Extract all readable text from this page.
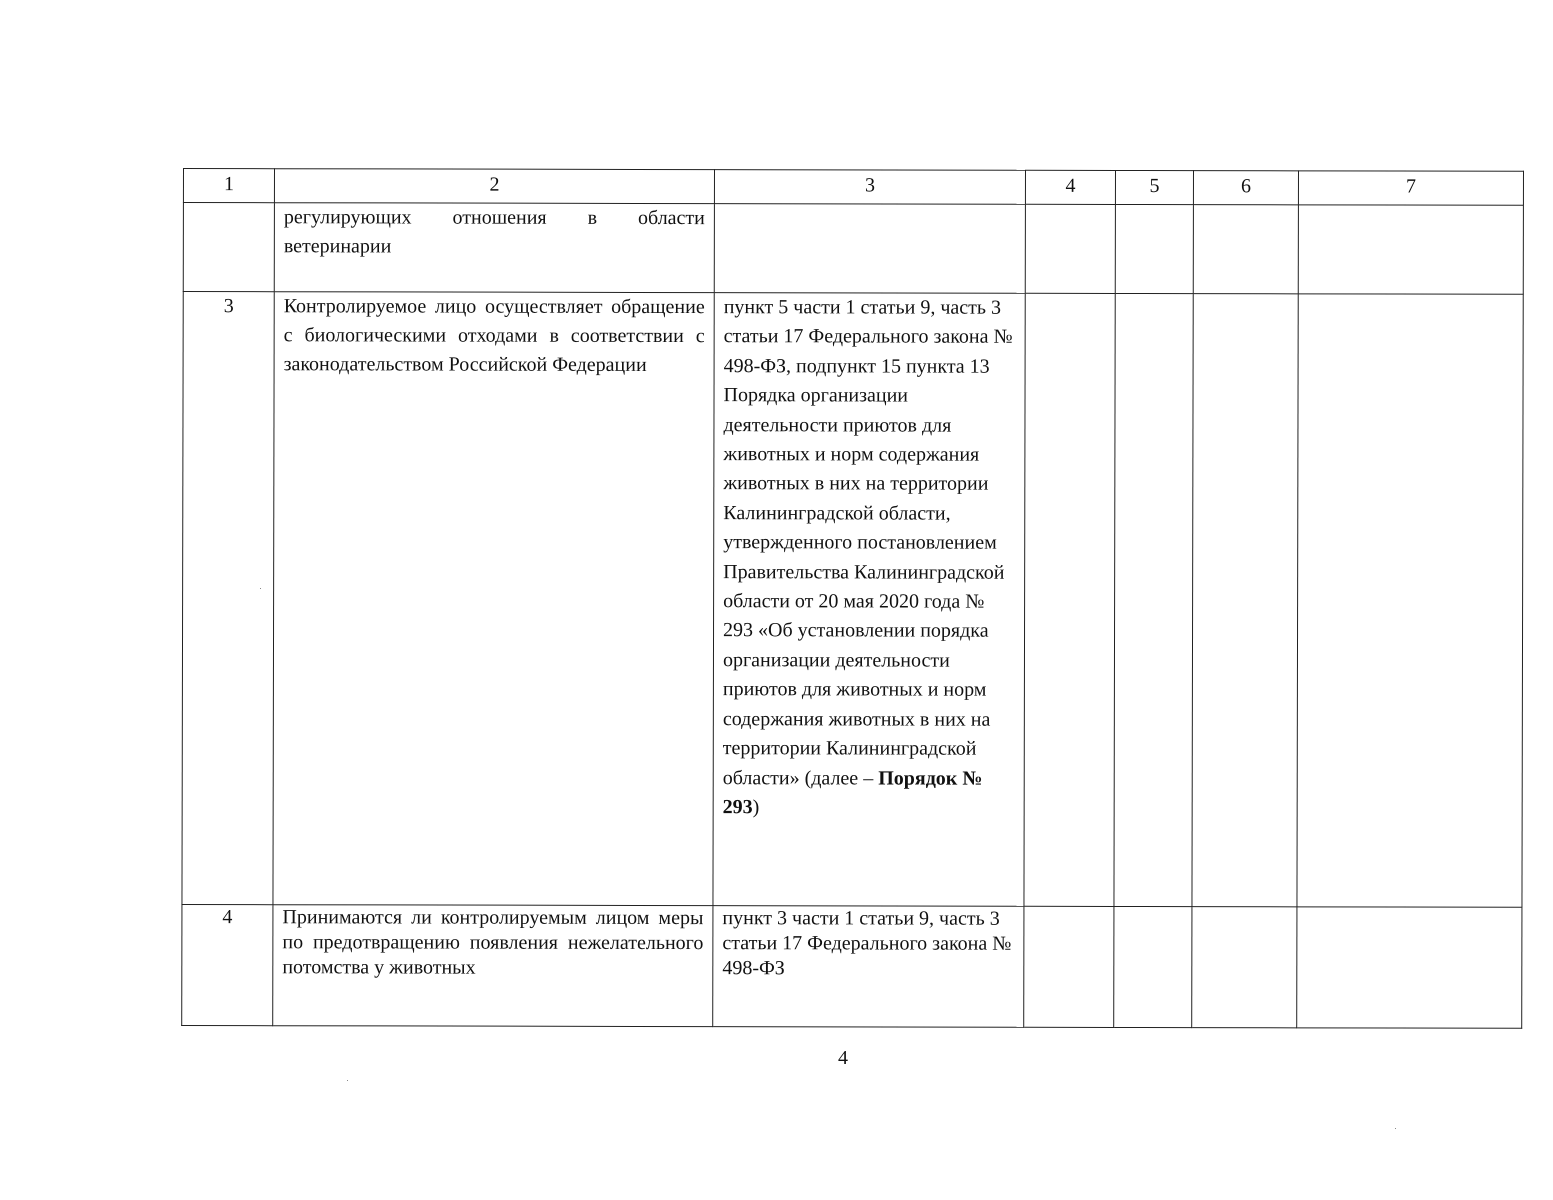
1	2	3	4	5	6	7
	регулирующих отношения в области ветеринарии					
3	Контролируемое лицо осуществляет обращение с биологическими отходами в соответствии с законодательством Российской Федерации	пункт 5 части 1 статьи 9, часть 3 статьи 17 Федерального закона № 498-ФЗ, подпункт 15 пункта 13 Порядка организации деятельности приютов для животных и норм содержания животных в них на территории Калининградской области, утвержденного постановлением Правительства Калининградской области от 20 мая 2020 года № 293 «Об установлении порядка организации деятельности приютов для животных и норм содержания животных в них на территории Калининградской области» (далее – Порядок № 293)				
4	Принимаются ли контролируемым лицом меры по предотвращению появления нежелательного потомства у животных	пункт 3 части 1 статьи 9, часть 3 статьи 17 Федерального закона № 498-ФЗ				
4
